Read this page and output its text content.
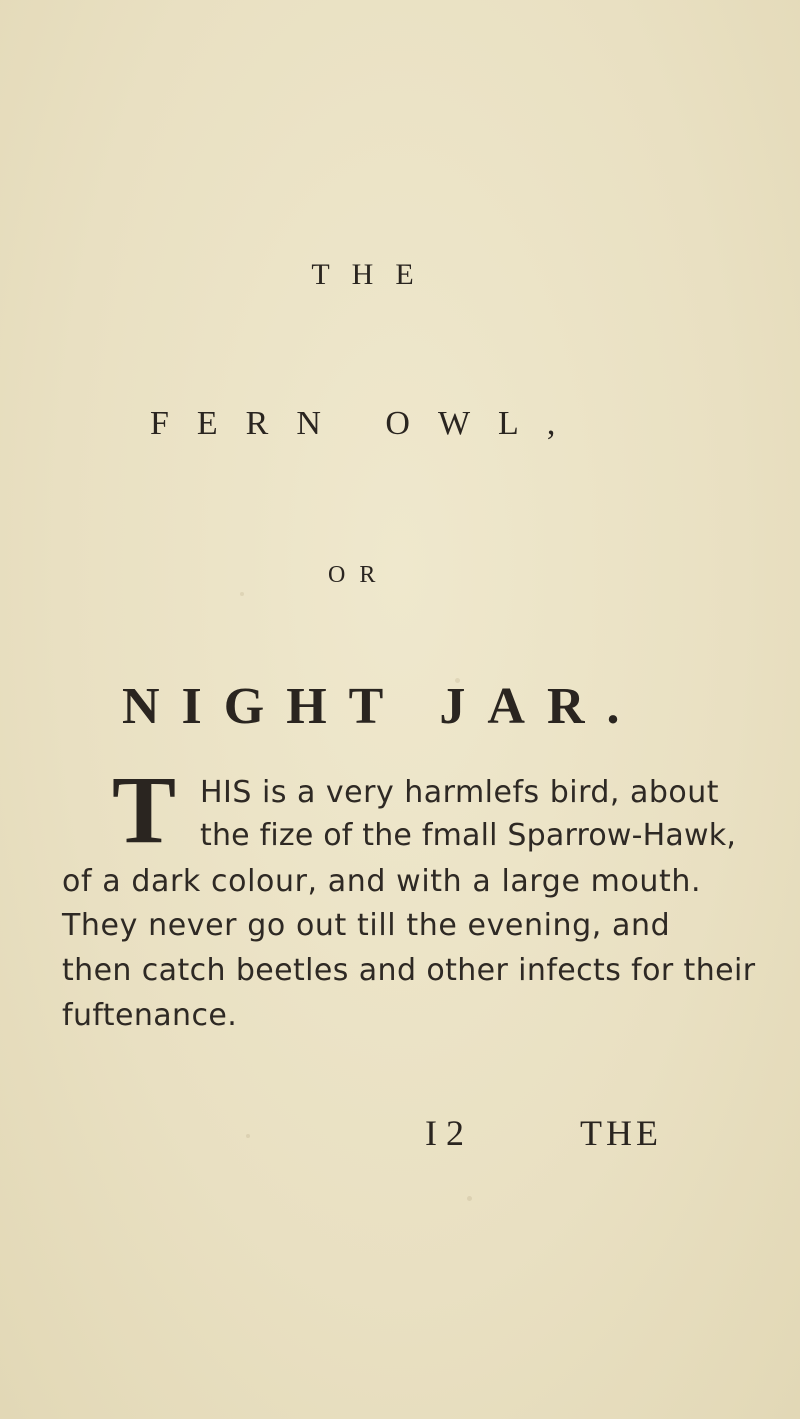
THE
FERN OWL,
OR
NIGHT JAR.
T HIS is a very harmlefs bird, about
the fize of the fmall Sparrow-Hawk,
of a dark colour, and with a large mouth.
They never go out till the evening, and
then catch beetles and other infects for their
fuftenance.
I 2	THE
